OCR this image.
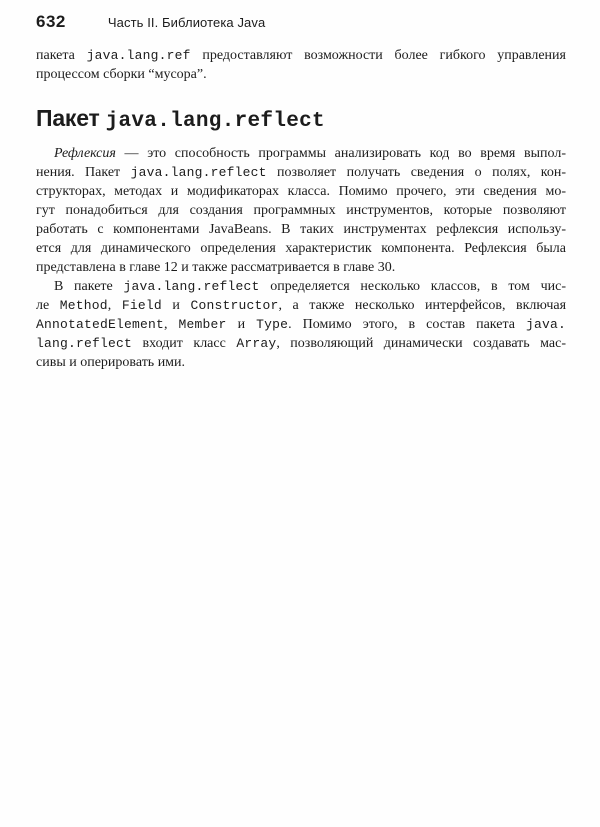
632	Часть II. Библиотека Java
пакета java.lang.ref предоставляют возможности более гибкого управления
процессом сборки “мусора”.
Пакет java.lang.reflect
Рефлексия — это способность программы анализировать код во время выпол-
нения. Пакет java.lang.reflect позволяет получать сведения о полях, кон-
структорах, методах и модификаторах класса. Помимо прочего, эти сведения мо-
гут понадобиться для создания программных инструментов, которые позволяют
работать с компонентами JavaBeans. В таких инструментах рефлексия использу-
ется для динамического определения характеристик компонента. Рефлексия была
представлена в главе 12 и также рассматривается в главе 30.
В пакете java.lang.reflect определяется несколько классов, в том чис-
ле Method, Field и Constructor, а также несколько интерфейсов, включая
AnnotatedElement, Member и Type. Помимо этого, в состав пакета java.
lang.reflect входит класс Array, позволяющий динамически создавать мас-
сивы и оперировать ими.
